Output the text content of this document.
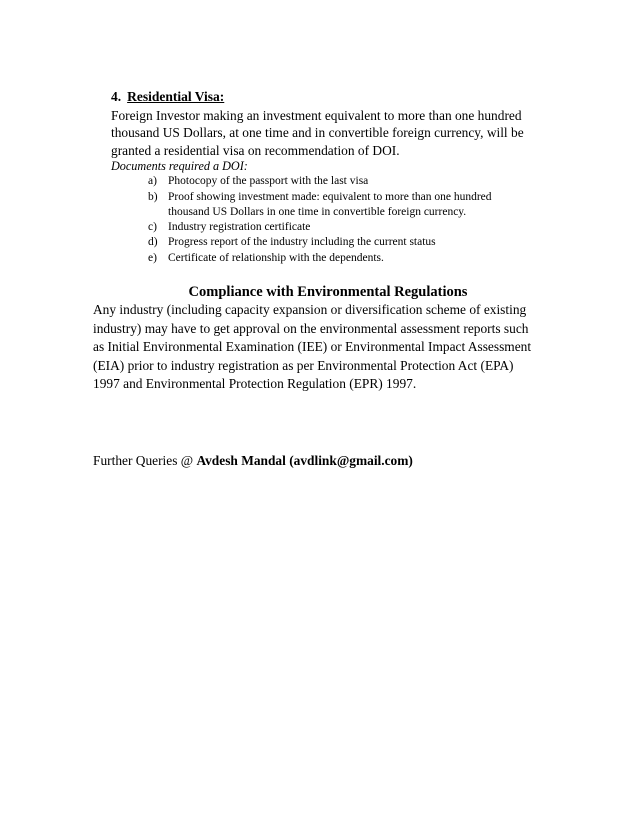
4. Residential Visa:

Foreign Investor making an investment equivalent to more than one hundred

thousand US Dollars, at one time and in convertible foreign currency, will be

granted a residential visa on recommendation of DOI.

Documents required a DOI:

a) Photocopy of the passport with the last visa
b) Proof showing investment made: equivalent to more than one hundred
thousand US Dollars in one time in convertible foreign currency.
c) Industry registration certificate
d) Progress report of the industry including the current status
e) Certificate of relationship with the dependents.
Compliance with Environmental Regulations

Any industry (including capacity expansion or diversification scheme of existing
industry) may have to get approval on the environmental assessment reports such
as Initial Environmental Examination (IEE) or Environmental Impact Assessment
(EIA) prior to industry registration as per Environmental Protection Act (EPA)
1997 and Environmental Protection Regulation (EPR) 1997.

Further Queries @ Avdesh Mandal (avdlink@gmail.com)
